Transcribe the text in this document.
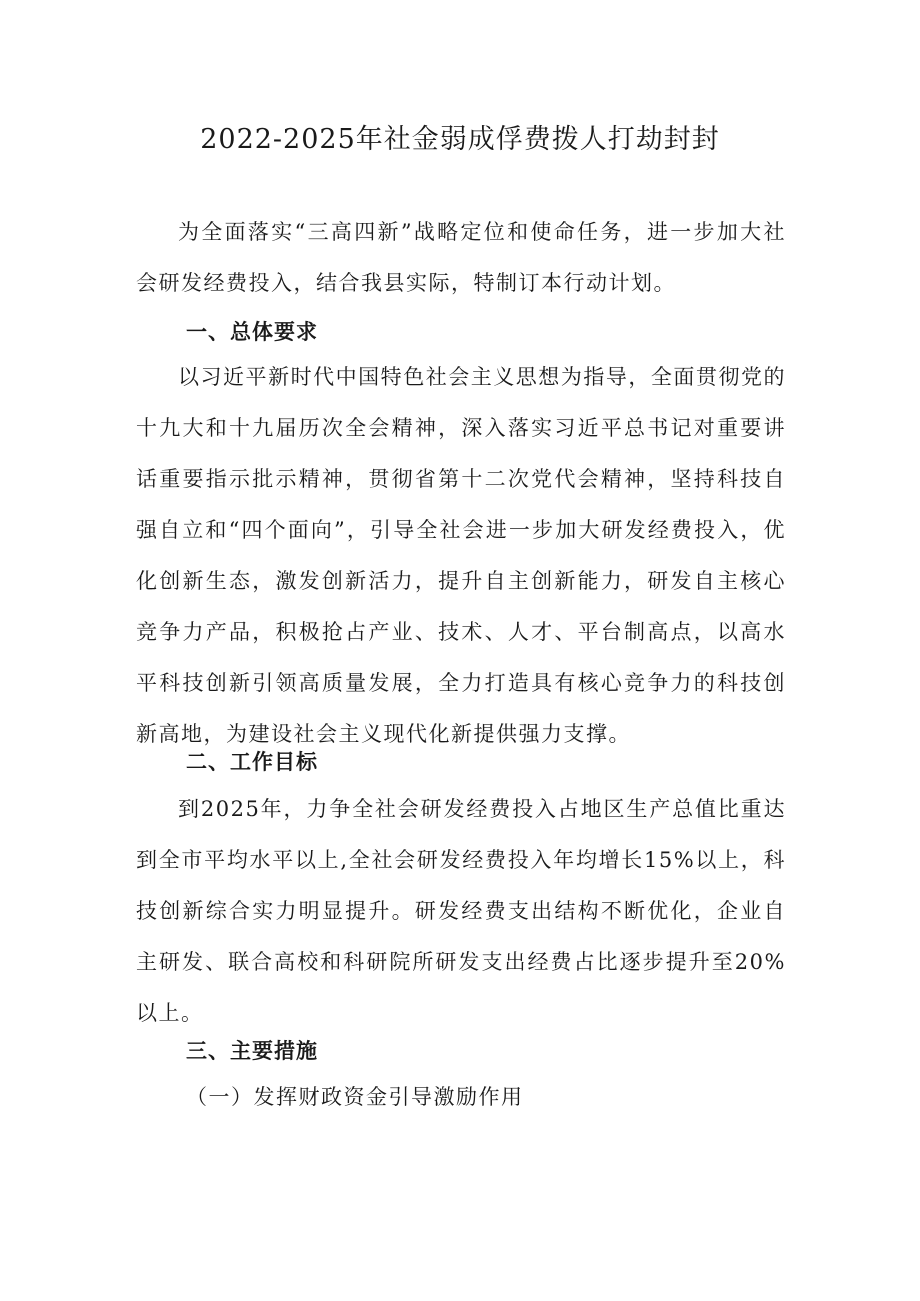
2022-2025年社金弱成俘费拨人打劫封封

为全面落实“三高四新”战略定位和使命任务，进一步加大社会研发经费投入，结合我县实际，特制订本行动计划。

一、总体要求

以习近平新时代中国特色社会主义思想为指导，全面贯彻党的十九大和十九届历次全会精神，深入落实习近平总书记对重要讲话重要指示批示精神，贯彻省第十二次党代会精神，坚持科技自强自立和“四个面向”，引导全社会进一步加大研发经费投入，优化创新生态，激发创新活力，提升自主创新能力，研发自主核心竞争力产品，积极抢占产业、技术、人才、平台制高点，以高水平科技创新引领高质量发展，全力打造具有核心竞争力的科技创新高地，为建设社会主义现代化新提供强力支撑。

二、工作目标

到2025年，力争全社会研发经费投入占地区生产总值比重达到全市平均水平以上,全社会研发经费投入年均增长15%以上，科技创新综合实力明显提升。研发经费支出结构不断优化，企业自主研发、联合高校和科研院所研发支出经费占比逐步提升至20%以上。

三、主要措施

（一）发挥财政资金引导激励作用
